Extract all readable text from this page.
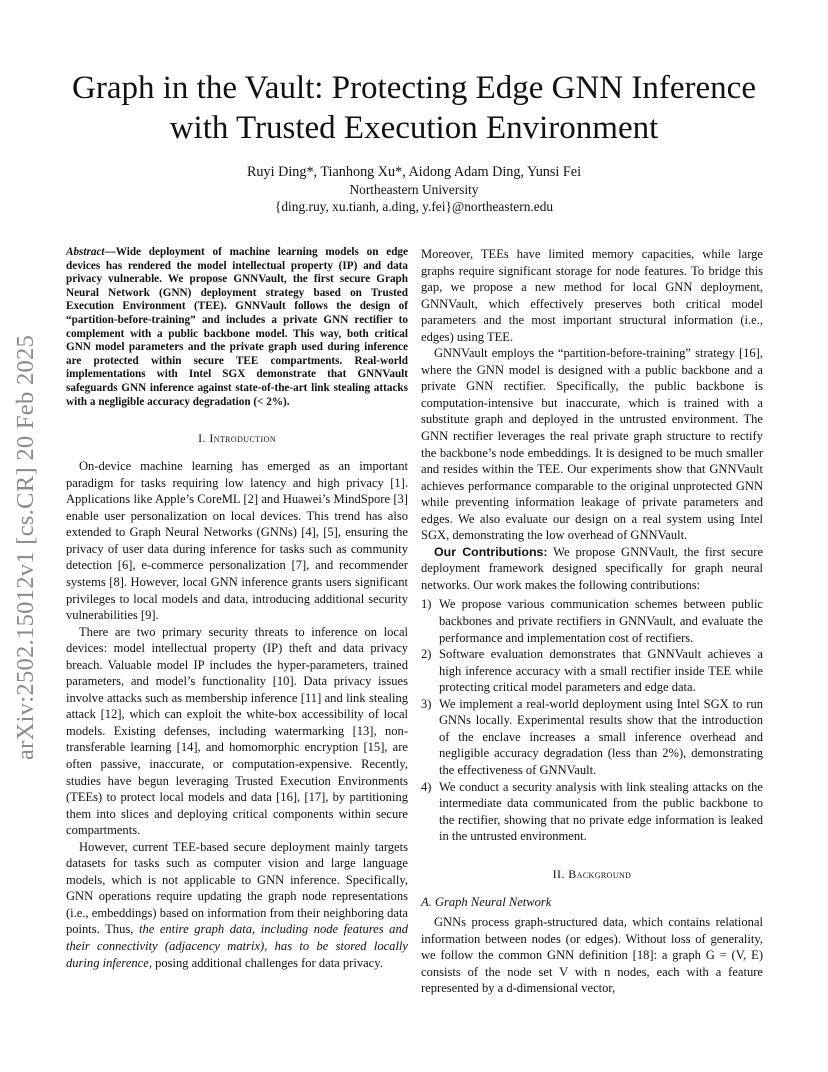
arXiv:2502.15012v1 [cs.CR] 20 Feb 2025
Graph in the Vault: Protecting Edge GNN Inference
with Trusted Execution Environment
Ruyi Ding*, Tianhong Xu*, Aidong Adam Ding, Yunsi Fei
Northeastern University
{ding.ruy, xu.tianh, a.ding, y.fei}@northeastern.edu

Abstract—Wide deployment of machine learning models on edge devices has rendered the model intellectual property (IP) and data privacy vulnerable. We propose GNNVault, the first secure Graph Neural Network (GNN) deployment strategy based on Trusted Execution Environment (TEE). GNNVault follows the design of “partition-before-training” and includes a private GNN rectifier to complement with a public backbone model. This way, both critical GNN model parameters and the private graph used during inference are protected within secure TEE compartments. Real-world implementations with Intel SGX demonstrate that GNNVault safeguards GNN inference against state-of-the-art link stealing attacks with a negligible accuracy degradation (< 2%).

I. Introduction

On-device machine learning has emerged as an important paradigm for tasks requiring low latency and high privacy [1]. Applications like Apple’s CoreML [2] and Huawei’s MindSpore [3] enable user personalization on local devices. This trend has also extended to Graph Neural Networks (GNNs) [4], [5], ensuring the privacy of user data during inference for tasks such as community detection [6], e-commerce personalization [7], and recommender systems [8]. However, local GNN inference grants users significant privileges to local models and data, introducing additional security vulnerabilities [9].

There are two primary security threats to inference on local devices: model intellectual property (IP) theft and data privacy breach. Valuable model IP includes the hyper-parameters, trained parameters, and model’s functionality [10]. Data privacy issues involve attacks such as membership inference [11] and link stealing attack [12], which can exploit the white-box accessibility of local models. Existing defenses, including watermarking [13], non-transferable learning [14], and homomorphic encryption [15], are often passive, inaccurate, or computation-expensive. Recently, studies have begun leveraging Trusted Execution Environments (TEEs) to protect local models and data [16], [17], by partitioning them into slices and deploying critical components within secure compartments.

However, current TEE-based secure deployment mainly targets datasets for tasks such as computer vision and large language models, which is not applicable to GNN inference. Specifically, GNN operations require updating the graph node representations (i.e., embeddings) based on information from their neighboring data points. Thus, the entire graph data, including node features and their connectivity (adjacency matrix), has to be stored locally during inference, posing additional challenges for data privacy.

Moreover, TEEs have limited memory capacities, while large graphs require significant storage for node features. To bridge this gap, we propose a new method for local GNN deployment, GNNVault, which effectively preserves both critical model parameters and the most important structural information (i.e., edges) using TEE.

GNNVault employs the “partition-before-training” strategy [16], where the GNN model is designed with a public backbone and a private GNN rectifier. Specifically, the public backbone is computation-intensive but inaccurate, which is trained with a substitute graph and deployed in the untrusted environment. The GNN rectifier leverages the real private graph structure to rectify the backbone’s node embeddings. It is designed to be much smaller and resides within the TEE. Our experiments show that GNNVault achieves performance comparable to the original unprotected GNN while preventing information leakage of private parameters and edges. We also evaluate our design on a real system using Intel SGX, demonstrating the low overhead of GNNVault.

Our Contributions: We propose GNNVault, the first secure deployment framework designed specifically for graph neural networks. Our work makes the following contributions:

1) We propose various communication schemes between public backbones and private rectifiers in GNNVault, and evaluate the performance and implementation cost of rectifiers.
2) Software evaluation demonstrates that GNNVault achieves a high inference accuracy with a small rectifier inside TEE while protecting critical model parameters and edge data.
3) We implement a real-world deployment using Intel SGX to run GNNs locally. Experimental results show that the introduction of the enclave increases a small inference overhead and negligible accuracy degradation (less than 2%), demonstrating the effectiveness of GNNVault.
4) We conduct a security analysis with link stealing attacks on the intermediate data communicated from the public backbone to the rectifier, showing that no private edge information is leaked in the untrusted environment.
II. Background
A. Graph Neural Network

GNNs process graph-structured data, which contains relational information between nodes (or edges). Without loss of generality, we follow the common GNN definition [18]: a graph G = (V, E) consists of the node set V with n nodes, each with a feature represented by a d-dimensional vector,
